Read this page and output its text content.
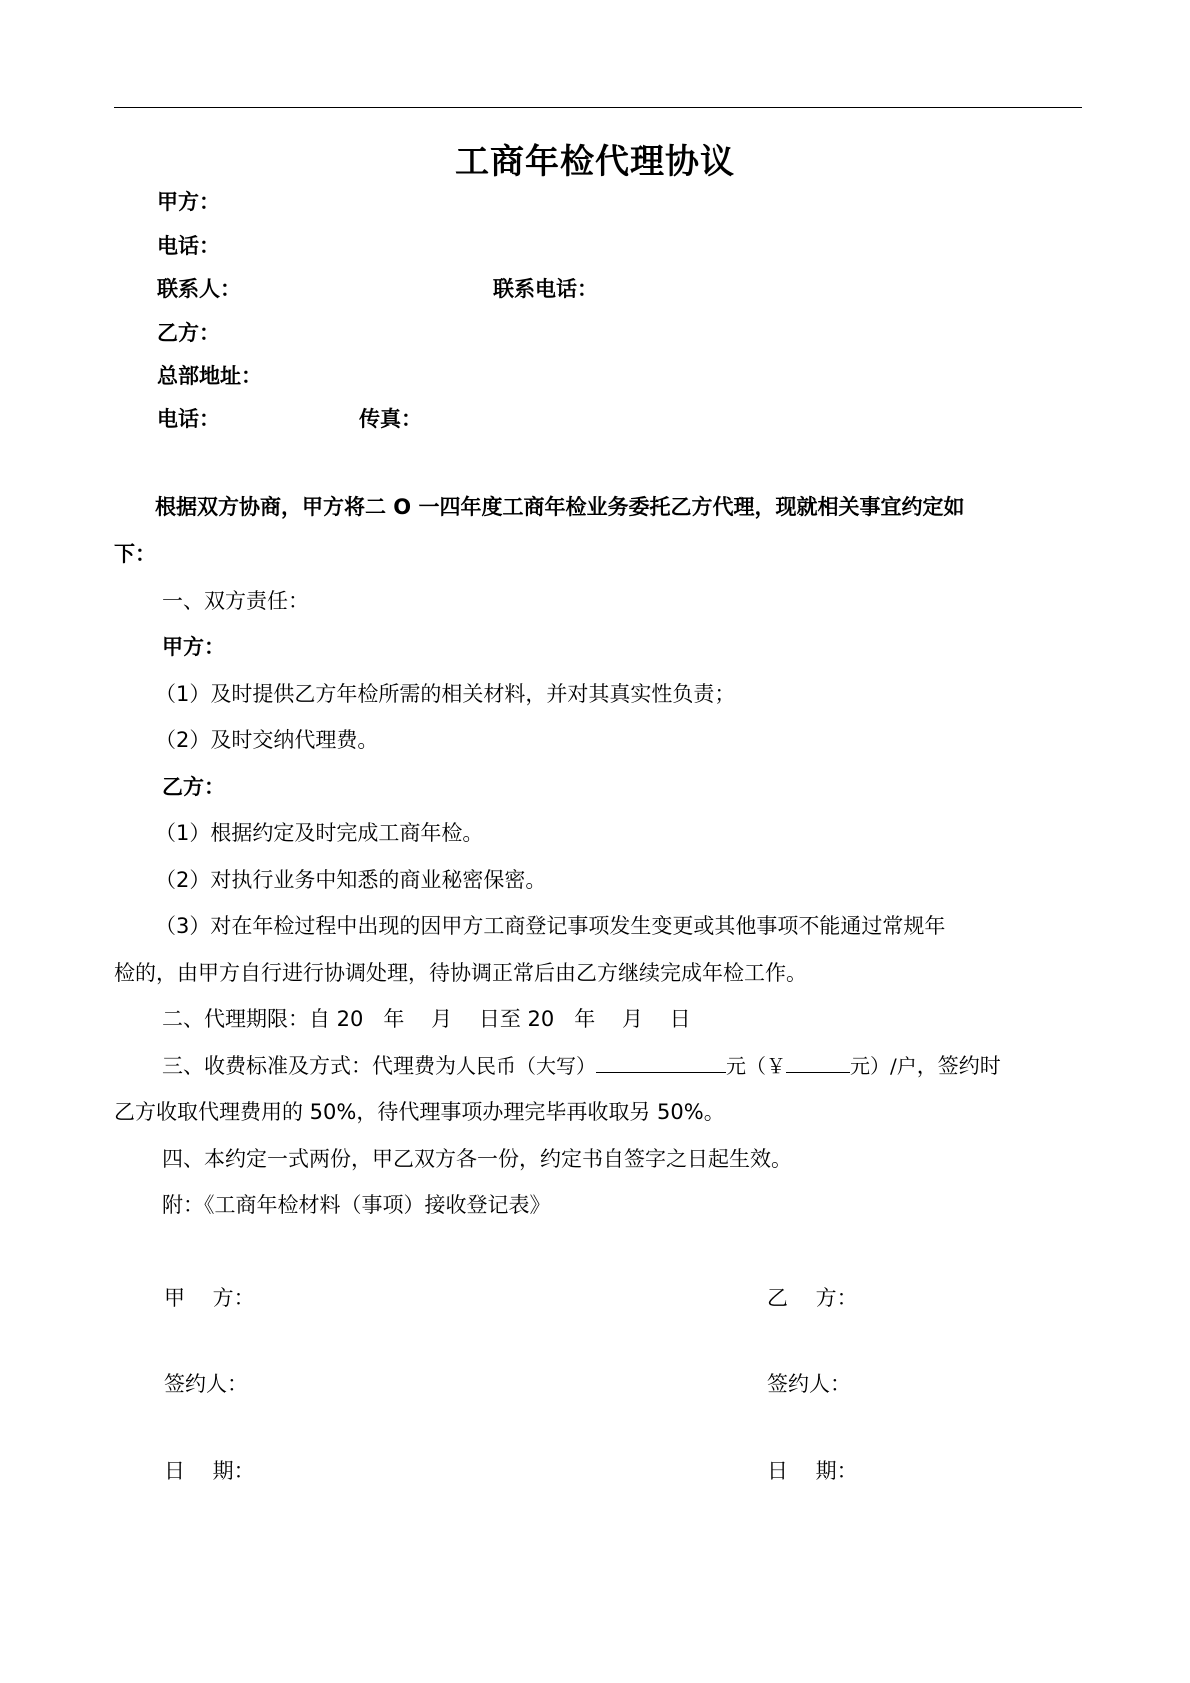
工商年检代理协议
甲方：
电话：
联系人：	联系电话：
乙方：
总部地址：
电话：	传真：
根据双方协商，甲方将二 O 一四年度工商年检业务委托乙方代理，现就相关事宜约定如
下：
一、双方责任：
甲方：
（1）及时提供乙方年检所需的相关材料，并对其真实性负责；
（2）及时交纳代理费。
乙方：
（1）根据约定及时完成工商年检。
（2）对执行业务中知悉的商业秘密保密。
（3）对在年检过程中出现的因甲方工商登记事项发生变更或其他事项不能通过常规年
检的，由甲方自行进行协调处理，待协调正常后由乙方继续完成年检工作。
二、代理期限：自 20   年    月    日至 20   年    月    日
三、收费标准及方式：代理费为人民币（大写）	元（￥	元）/户，签约时
乙方收取代理费用的 50%，待代理事项办理完毕再收取另 50%。
四、本约定一式两份，甲乙双方各一份，约定书自签字之日起生效。
附：《工商年检材料（事项）接收登记表》
甲　 方：	乙　 方：
签约人：	签约人：
日　 期：	日　 期：
